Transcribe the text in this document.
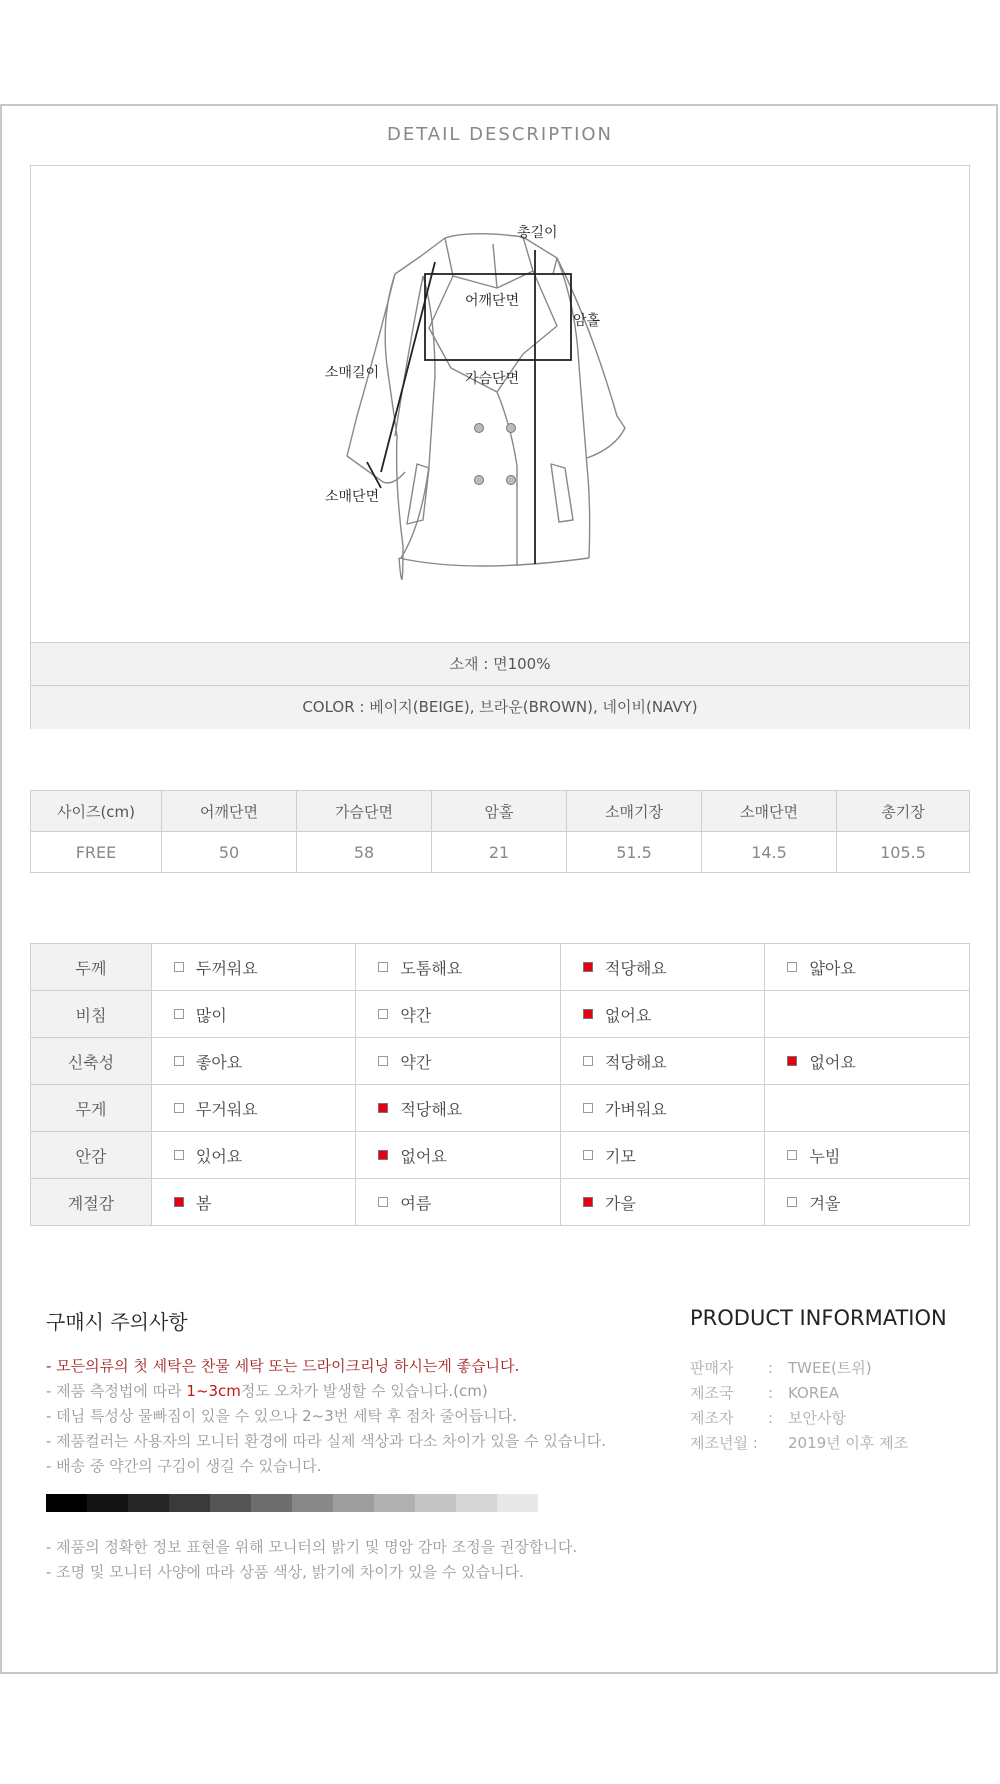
DETAIL DESCRIPTION
총길이
어깨단면
암홀
소매길이	가슴단면
소매단면
소재 : 면100%
COLOR : 베이지(BEIGE), 브라운(BROWN), 네이비(NAVY)
사이즈(cm)	어깨단면	가슴단면	암홀	소매기장	소매단면	총기장
FREE	50	58	21	51.5	14.5	105.5
두께	두꺼워요	도톰해요	적당해요	얇아요
비침	많이	약간	없어요	
신축성	좋아요	약간	적당해요	없어요
무게	무거워요	적당해요	가벼워요	
안감	있어요	없어요	기모	누빔
계절감	봄	여름	가을	겨울
구매시 주의사항
- 모든의류의 첫 세탁은 찬물 세탁 또는 드라이크리닝 하시는게 좋습니다.
- 제품 측정법에 따라 1~3cm정도 오차가 발생할 수 있습니다.(cm)
- 데님 특성상 물빠짐이 있을 수 있으나 2~3번 세탁 후 점차 줄어듭니다.
- 제품컬러는 사용자의 모니터 환경에 따라 실제 색상과 다소 차이가 있을 수 있습니다.
- 배송 중 약간의 구김이 생길 수 있습니다.
- 제품의 정확한 정보 표현을 위해 모니터의 밝기 및 명암 감마 조정을 권장합니다.
- 조명 및 모니터 사양에 따라 상품 색상, 밝기에 차이가 있을 수 있습니다.
PRODUCT INFORMATION
판매자 : TWEE(트위)
제조국 : KOREA
제조자 : 보안사항
제조년월 : 2019년 이후 제조
